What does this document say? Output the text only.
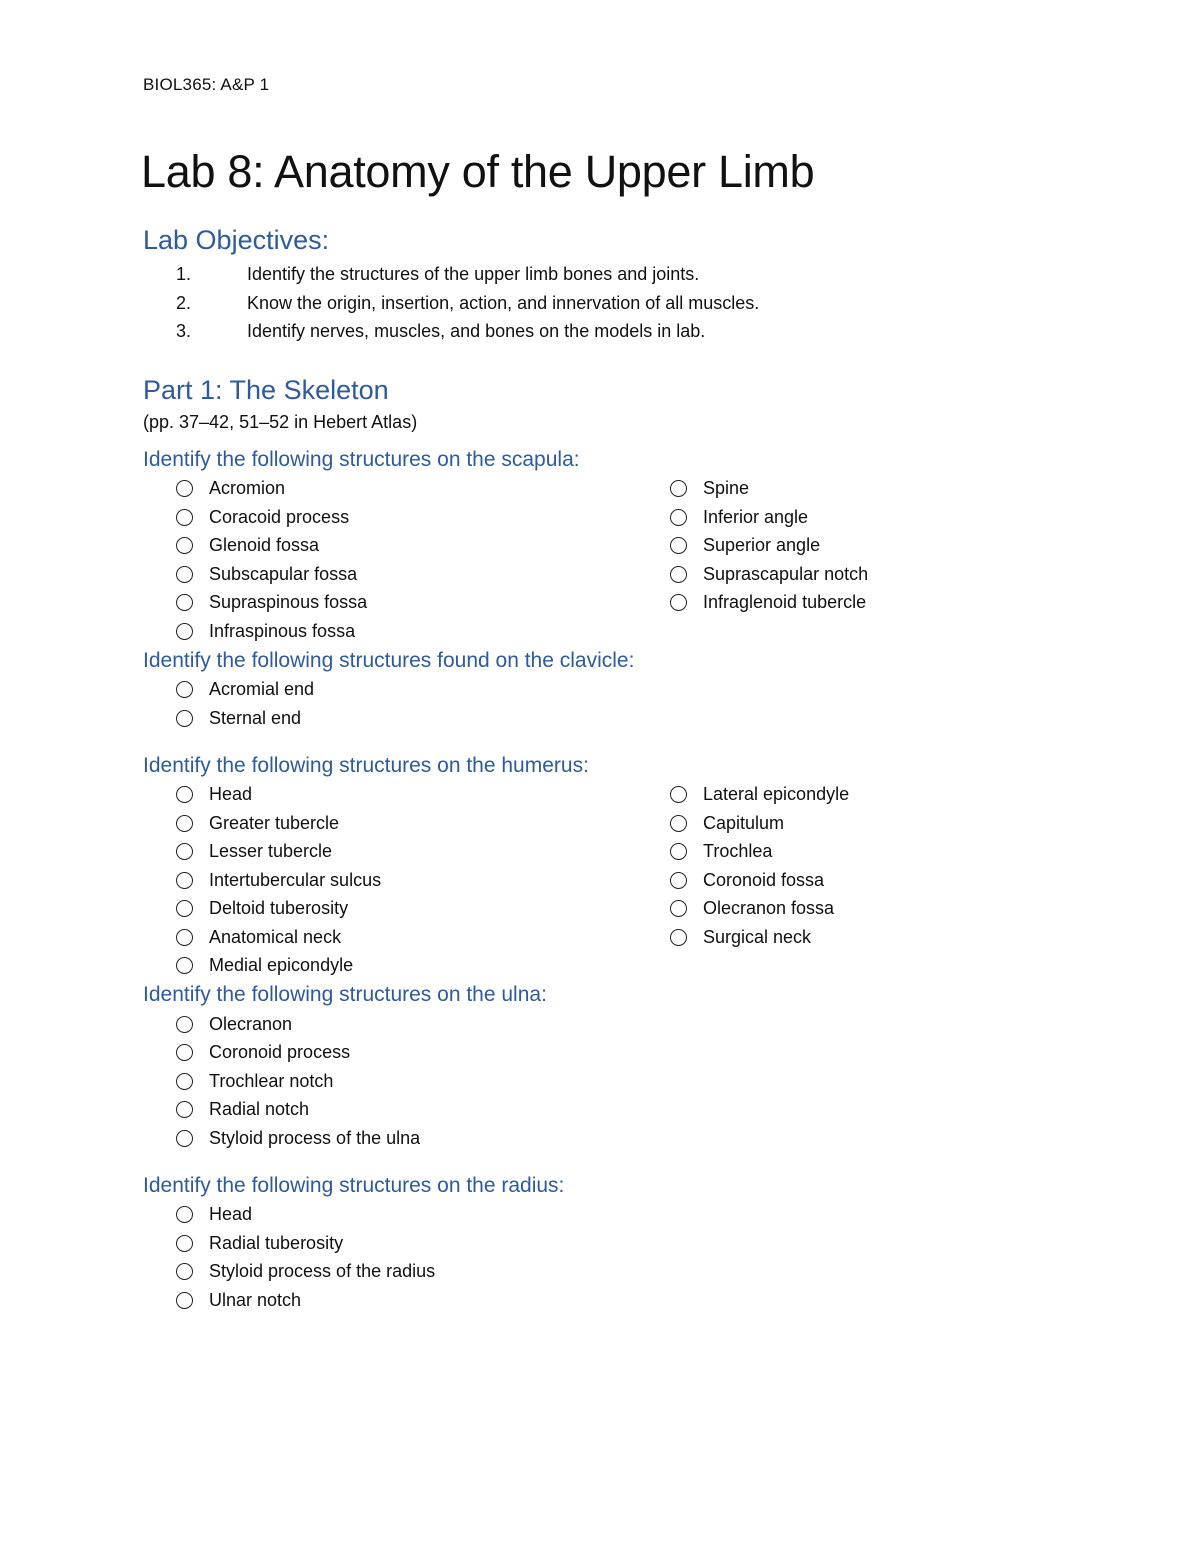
BIOL365: A&P 1

Lab 8: Anatomy of the Upper Limb
Lab Objectives:
1.	Identify the structures of the upper limb bones and joints.
2.	Know the origin, insertion, action, and innervation of all muscles.
3.	Identify nerves, muscles, and bones on the models in lab.
Part 1: The Skeleton

(pp. 37–42, 51–52 in Hebert Atlas)

Identify the following structures on the scapula:
Acromion
Coracoid process
Glenoid fossa
Subscapular fossa
Supraspinous fossa
Infraspinous fossa
Spine
Inferior angle
Superior angle
Suprascapular notch
Infraglenoid tubercle
Identify the following structures found on the clavicle:
Acromial end
Sternal end
Identify the following structures on the humerus:
Head
Greater tubercle
Lesser tubercle
Intertubercular sulcus
Deltoid tuberosity
Anatomical neck
Medial epicondyle
Lateral epicondyle
Capitulum
Trochlea
Coronoid fossa
Olecranon fossa
Surgical neck
Identify the following structures on the ulna:
Olecranon
Coronoid process
Trochlear notch
Radial notch
Styloid process of the ulna
Identify the following structures on the radius:
Head
Radial tuberosity
Styloid process of the radius
Ulnar notch
